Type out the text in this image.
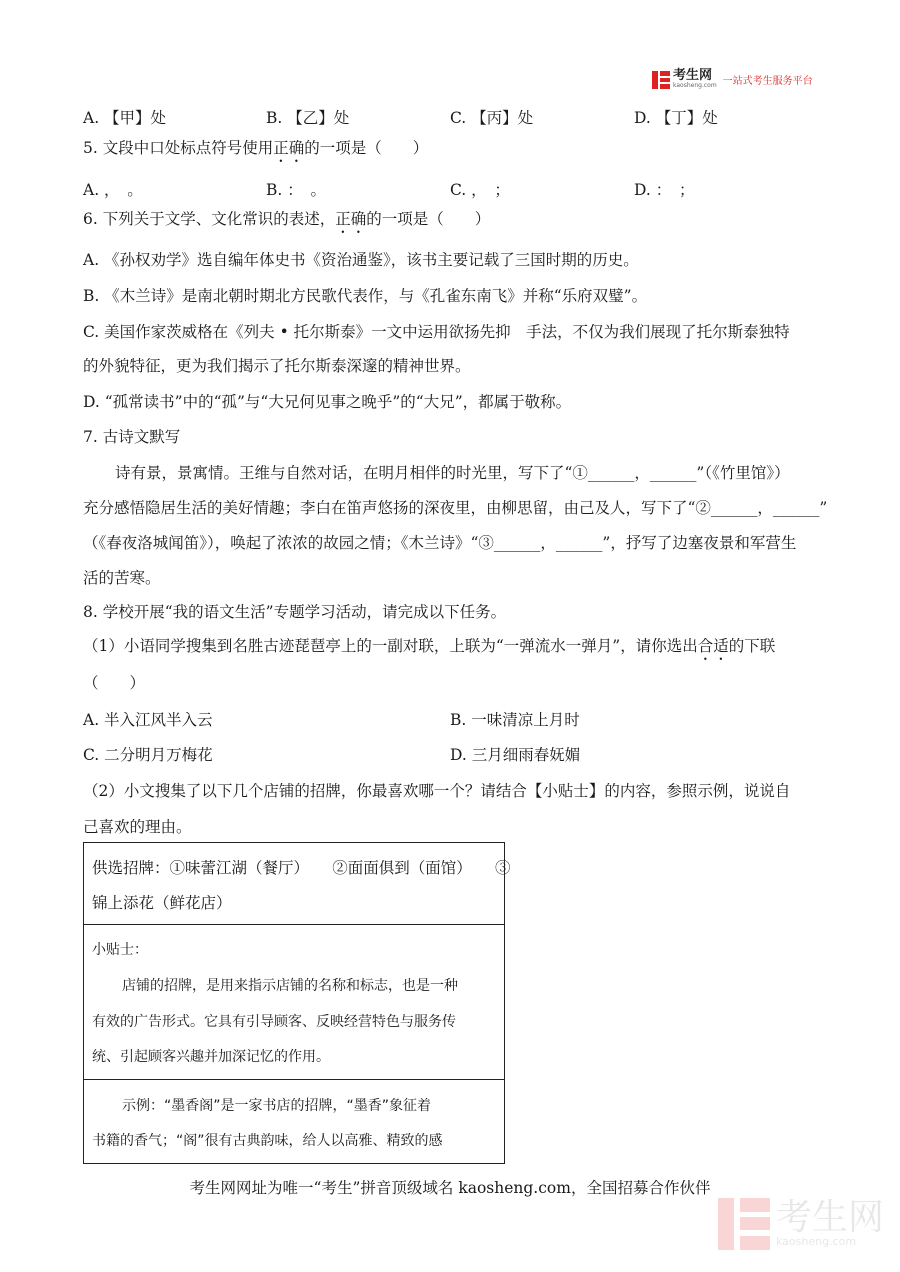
考生网
kaosheng.com 一站式考生服务平台
A. 【甲】处	B. 【乙】处	C. 【丙】处	D. 【丁】处
5. 文段中口处标点符号使用正确的一项是（　　）
A. ，　。	B. ：　。	C. ，　；	D. ：　；
6. 下列关于文学、文化常识的表述，正确的一项是（　　）
A. 《孙权劝学》选自编年体史书《资治通鉴》，该书主要记载了三国时期的历史。
B. 《木兰诗》是南北朝时期北方民歌代表作，与《孔雀东南飞》并称“乐府双璧”。
C. 美国作家茨威格在《列夫 • 托尔斯泰》一文中运用欲扬先抑　手法，不仅为我们展现了托尔斯泰独特
的外貌特征，更为我们揭示了托尔斯泰深邃的精神世界。
D. “孤常读书”中的“孤”与“大兄何见事之晚乎”的“大兄”，都属于敬称。
7. 古诗文默写
诗有景，景寓情。王维与自然对话，在明月相伴的时光里，写下了“①______，______”（《竹里馆》）
充分感悟隐居生活的美好情趣；李白在笛声悠扬的深夜里，由柳思留，由己及人，写下了“②______，______”
（《春夜洛城闻笛》），唤起了浓浓的故园之情；《木兰诗》“③______，______”，抒写了边塞夜景和军营生
活的苦寒。
8. 学校开展“我的语文生活”专题学习活动，请完成以下任务。
（1）小语同学搜集到名胜古迹琵琶亭上的一副对联，上联为“一弹流水一弹月”，请你选出合适的下联
（　　）
A. 半入江风半入云	B. 一味清凉上月时
C. 二分明月万梅花	D. 三月细雨春妩媚
（2）小文搜集了以下几个店铺的招牌，你最喜欢哪一个？请结合【小贴士】的内容，参照示例，说说自
己喜欢的理由。
供选招牌：①味蕾江湖（餐厅）　　②面面俱到（面馆）　　③
锦上添花（鲜花店）
小贴士：
店铺的招牌，是用来指示店铺的名称和标志，也是一种
有效的广告形式。它具有引导顾客、反映经营特色与服务传
统、引起顾客兴趣并加深记忆的作用。
示例：“墨香阁”是一家书店的招牌，“墨香”象征着
书籍的香气；“阁”很有古典韵味，给人以高雅、精致的感
考生网网址为唯一“考生”拼音顶级域名 kaosheng.com，全国招募合作伙伴
考生网
kaosheng.com
